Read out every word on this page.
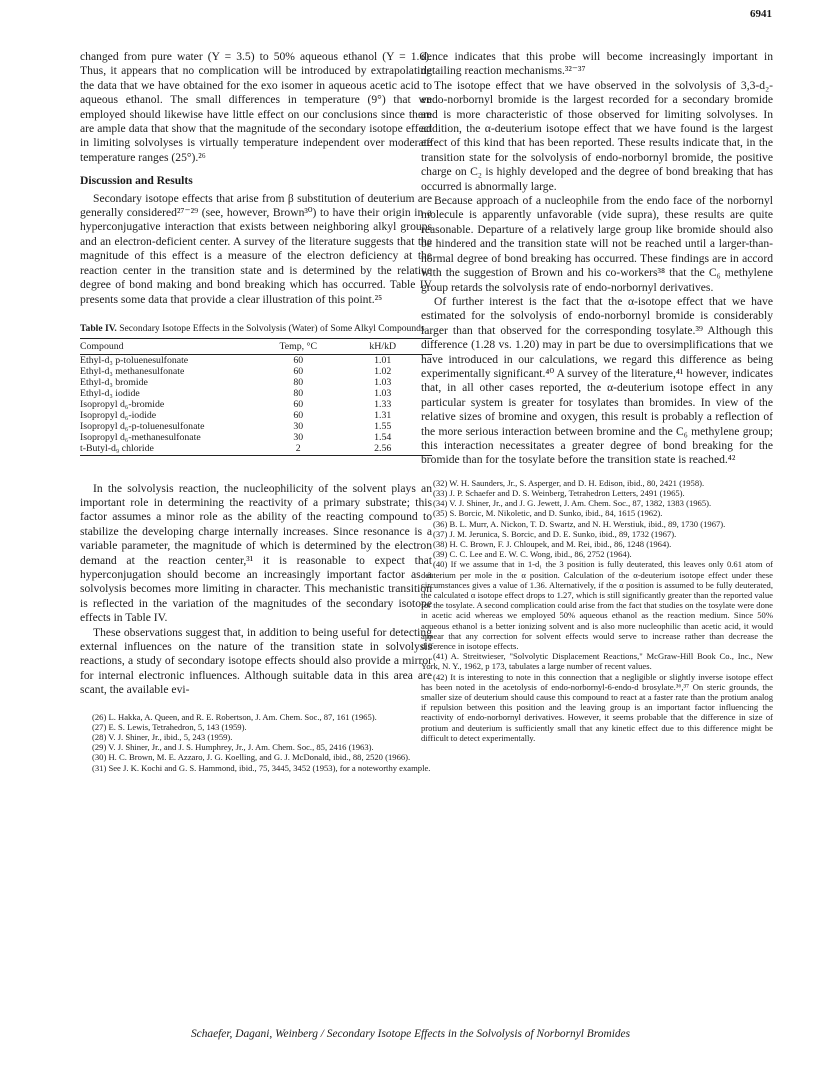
6941

changed from pure water (Y = 3.5) to 50% aqueous ethanol (Y = 1.6). Thus, it appears that no complication will be introduced by extrapolating the data that we have obtained for the exo isomer in aqueous acetic acid to aqueous ethanol. The small differences in temperature (9°) that we employed should likewise have little effect on our conclusions since there are ample data that show that the magnitude of the secondary isotope effect in limiting solvolyses is virtually temperature independent over moderate temperature ranges (25°).²⁶

Discussion and Results

Secondary isotope effects that arise from β substitution of deuterium are generally considered²⁷⁻²⁹ (see, however, Brown³⁰) to have their origin in a hyperconjugative interaction that exists between neighboring alkyl groups and an electron-deficient center. A survey of the literature suggests that the magnitude of this effect is a measure of the electron deficiency at the reaction center in the transition state and is determined by the relative degree of bond making and bond breaking which has occurred. Table IV presents some data that provide a clear illustration of this point.²⁵

Table IV. Secondary Isotope Effects in the Solvolysis (Water) of Some Alkyl Compounds
Compound	Temp, °C	kH/kD
Ethyl-d₃ p-toluenesulfonate	60	1.01
Ethyl-d₃ methanesulfonate	60	1.02
Ethyl-d₃ bromide	80	1.03
Ethyl-d₃ iodide	80	1.03
Isopropyl d₆-bromide	60	1.33
Isopropyl d₆-iodide	60	1.31
Isopropyl d₆-p-toluenesulfonate	30	1.55
Isopropyl d₆-methanesulfonate	30	1.54
t-Butyl-d₉ chloride	2	2.56

In the solvolysis reaction, the nucleophilicity of the solvent plays an important role in determining the reactivity of a primary substrate; this factor assumes a minor role as the ability of the reacting compound to stabilize the developing charge internally increases. Since resonance is a variable parameter, the magnitude of which is determined by the electron demand at the reaction center,³¹ it is reasonable to expect that hyperconjugation should become an increasingly important factor as a solvolysis becomes more limiting in character. This mechanistic transition is reflected in the variation of the magnitudes of the secondary isotope effects in Table IV.

These observations suggest that, in addition to being useful for detecting external influences on the nature of the transition state in solvolysis reactions, a study of secondary isotope effects should also provide a mirror for internal electronic influences. Although suitable data in this area are scant, the available evi-

(26) L. Hakka, A. Queen, and R. E. Robertson, J. Am. Chem. Soc., 87, 161 (1965).

(27) E. S. Lewis, Tetrahedron, 5, 143 (1959).

(28) V. J. Shiner, Jr., ibid., 5, 243 (1959).

(29) V. J. Shiner, Jr., and J. S. Humphrey, Jr., J. Am. Chem. Soc., 85, 2416 (1963).

(30) H. C. Brown, M. E. Azzaro, J. G. Koelling, and G. J. McDonald, ibid., 88, 2520 (1966).

(31) See J. K. Kochi and G. S. Hammond, ibid., 75, 3445, 3452 (1953), for a noteworthy example.

dence indicates that this probe will become increasingly important in detailing reaction mechanisms.³²⁻³⁷

The isotope effect that we have observed in the solvolysis of 3,3-d₂-endo-norbornyl bromide is the largest recorded for a secondary bromide and is more characteristic of those observed for limiting solvolyses. In addition, the α-deuterium isotope effect that we have found is the largest effect of this kind that has been reported. These results indicate that, in the transition state for the solvolysis of endo-norbornyl bromide, the positive charge on C₂ is highly developed and the degree of bond breaking that has occurred is abnormally large.

Because approach of a nucleophile from the endo face of the norbornyl molecule is apparently unfavorable (vide supra), these results are quite reasonable. Departure of a relatively large group like bromide should also be hindered and the transition state will not be reached until a larger-than-normal degree of bond breaking has occurred. These findings are in accord with the suggestion of Brown and his co-workers³⁸ that the C₆ methylene group retards the solvolysis rate of endo-norbornyl derivatives.

Of further interest is the fact that the α-isotope effect that we have estimated for the solvolysis of endo-norbornyl bromide is considerably larger than that observed for the corresponding tosylate.³⁹ Although this difference (1.28 vs. 1.20) may in part be due to oversimplifications that we have introduced in our calculations, we regard this difference as being experimentally significant.⁴⁰ A survey of the literature,⁴¹ however, indicates that, in all other cases reported, the α-deuterium isotope effect in any particular system is greater for tosylates than bromides. In view of the relative sizes of bromine and oxygen, this result is probably a reflection of the more serious interaction between bromine and the C₆ methylene group; this interaction necessitates a greater degree of bond breaking for the bromide than for the tosylate before the transition state is reached.⁴²

(32) W. H. Saunders, Jr., S. Asperger, and D. H. Edison, ibid., 80, 2421 (1958).

(33) J. P. Schaefer and D. S. Weinberg, Tetrahedron Letters, 2491 (1965).

(34) V. J. Shiner, Jr., and J. G. Jewett, J. Am. Chem. Soc., 87, 1382, 1383 (1965).

(35) S. Borcic, M. Nikoletic, and D. Sunko, ibid., 84, 1615 (1962).

(36) B. L. Murr, A. Nickon, T. D. Swartz, and N. H. Werstiuk, ibid., 89, 1730 (1967).

(37) J. M. Jerunica, S. Borcic, and D. E. Sunko, ibid., 89, 1732 (1967).

(38) H. C. Brown, F. J. Chloupek, and M. Rei, ibid., 86, 1248 (1964).

(39) C. C. Lee and E. W. C. Wong, ibid., 86, 2752 (1964).

(40) If we assume that in 1-d₁ the 3 position is fully deuterated, this leaves only 0.61 atom of deuterium per mole in the α position. Calculation of the α-deuterium isotope effect under these circumstances gives a value of 1.36. Alternatively, if the α position is assumed to be fully deuterated, the calculated α isotope effect drops to 1.27, which is still significantly greater than the reported value for the tosylate. A second complication could arise from the fact that studies on the tosylate were done in acetic acid whereas we employed 50% aqueous ethanol as the reaction medium. Since 50% aqueous ethanol is a better ionizing solvent and is also more nucleophilic than acetic acid, it would appear that any correction for solvent effects would serve to increase rather than decrease the difference in isotope effects.

(41) A. Streitwieser, "Solvolytic Displacement Reactions," McGraw-Hill Book Co., Inc., New York, N. Y., 1962, p 173, tabulates a large number of recent values.

(42) It is interesting to note in this connection that a negligible or slightly inverse isotope effect has been noted in the acetolysis of endo-norbornyl-6-endo-d brosylate.³⁶,³⁷ On steric grounds, the smaller size of deuterium should cause this compound to react at a faster rate than the protium analog if repulsion between this position and the leaving group is an important factor influencing the reactivity of endo-norbornyl derivatives. However, it seems probable that the difference in size of protium and deuterium is sufficiently small that any kinetic effect due to this difference might be difficult to detect experimentally.

Schaefer, Dagani, Weinberg / Secondary Isotope Effects in the Solvolysis of Norbornyl Bromides
